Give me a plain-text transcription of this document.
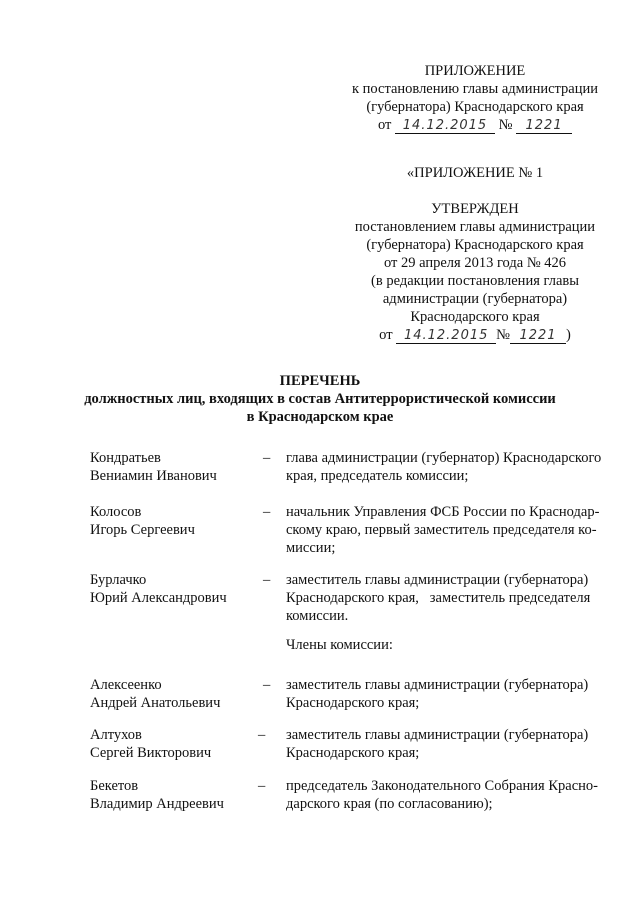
ПРИЛОЖЕНИЕ
к постановлению главы администрации
(губернатора) Краснодарского края
от 14.12.2015 № 1221
«ПРИЛОЖЕНИЕ № 1
УТВЕРЖДЕН
постановлением главы администрации
(губернатора) Краснодарского края
от 29 апреля 2013 года № 426
(в редакции постановления главы
администрации (губернатора)
Краснодарского края
от 14.12.2015 № 1221 )
ПЕРЕЧЕНЬ
должностных лиц, входящих в состав Антитеррористической комиссии
в Краснодарском крае
Кондратьев
Вениамин Иванович
– глава администрации (губернатор) Краснодарского
края, председатель комиссии;
Колосов
Игорь Сергеевич
– начальник Управления ФСБ России по Краснодар-
скому краю, первый заместитель председателя ко-
миссии;
Бурлачко
Юрий Александрович
– заместитель главы администрации (губернатора)
Краснодарского края,   заместитель председателя
комиссии.
Члены комиссии:
Алексеенко
Андрей Анатольевич
– заместитель главы администрации (губернатора)
Краснодарского края;
Алтухов
Сергей Викторович
– заместитель главы администрации (губернатора)
Краснодарского края;
Бекетов
Владимир Андреевич
– председатель Законодательного Собрания Красно-
дарского края (по согласованию);
